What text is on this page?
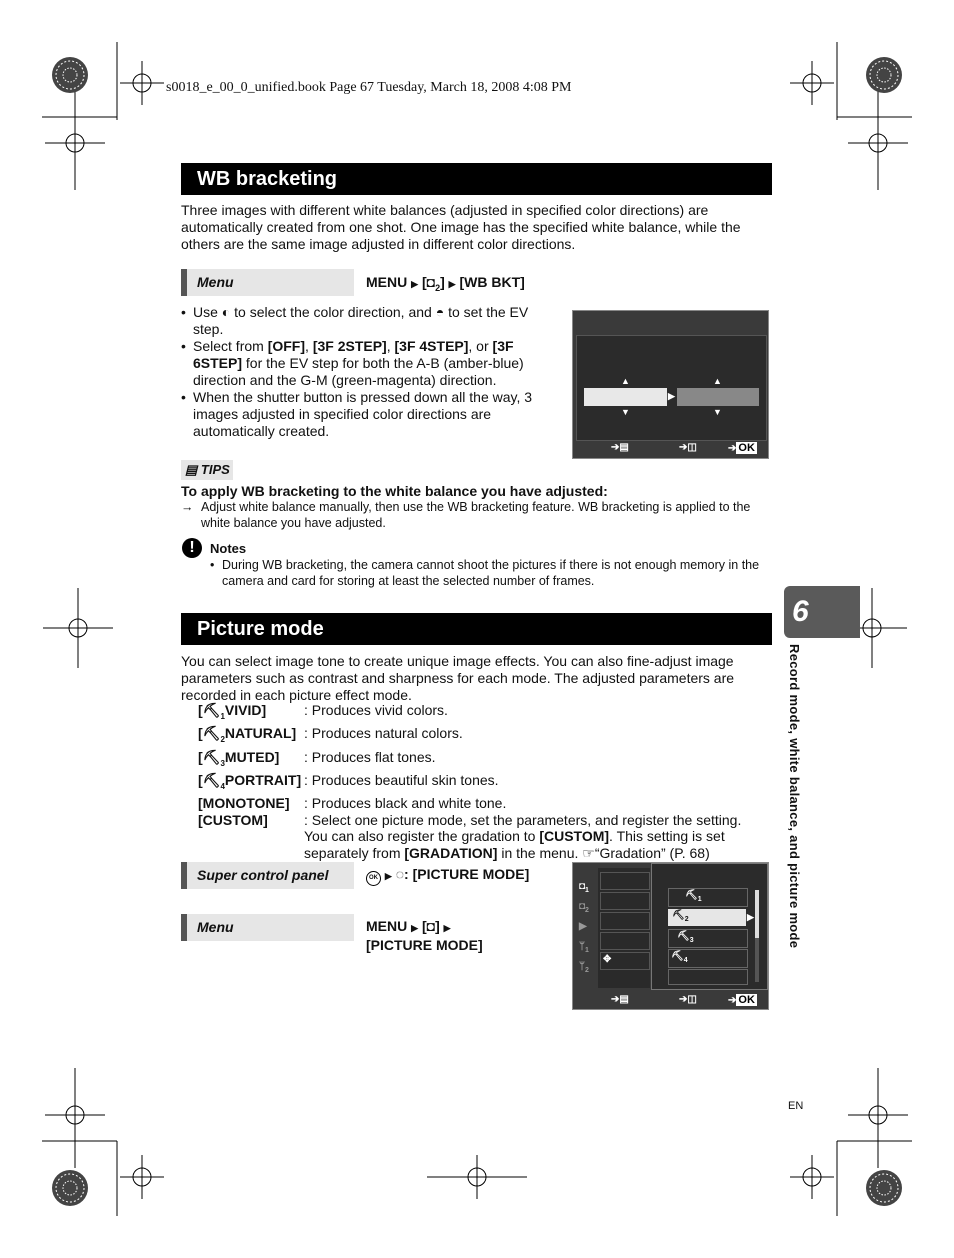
s0018_e_00_0_unified.book Page 67 Tuesday, March 18, 2008 4:08 PM
WB bracketing
Three images with different white balances (adjusted in specified color directions) are automatically created from one shot. One image has the specified white balance, while the others are the same image adjusted in different color directions.
Menu	MENU ▶ $[◘_2]$ ▶ [WB BKT]
• Use ◐ to select the color direction, and ◓ to set the EV step.
• Select from [OFF], [3F 2STEP], [3F 4STEP], or [3F 6STEP] for the EV step for both the A-B (amber-blue) direction and the G-M (green-magenta) direction.
• When the shutter button is pressed down all the way, 3 images adjusted in specified color directions are automatically created.
▲	▲
▶
▼	▼
➔▤	➔◫	➔ OK
▤ TIPS
To apply WB bracketing to the white balance you have adjusted:
→ Adjust white balance manually, then use the WB bracketing feature. WB bracketing is applied to the white balance you have adjusted.
!	Notes
• During WB bracketing, the camera cannot shoot the pictures if there is not enough memory in the camera and card for storing at least the selected number of frames.
Picture mode
You can select image tone to create unique image effects. You can also fine-adjust image parameters such as contrast and sharpness for each mode. The adjusted parameters are recorded in each picture effect mode.
$[⛏_1VIVID]$	: Produces vivid colors.
$[⛏_2NATURAL]$ : Produces natural colors.
$[⛏_3MUTED]$	: Produces flat tones.
$[⛏_4PORTRAIT]$ : Produces beautiful skin tones.
[MONOTONE]	: Produces black and white tone.
[CUSTOM]	: Select one picture mode, set the parameters, and register the setting. You can also register the gradation to [CUSTOM]. This setting is set separately from [GRADATION] in the menu. ☞“Gradation” (P. 68)
Super control panel	OK ▶ ◌: [PICTURE MODE]
Menu	MENU ▶ [◘] ▶
[PICTURE MODE]
$◘_1$
$◘_2$
▶
ᛘ$_1$
ᛘ$_2$
✥
$⛏_1$
$⛏_2$
$⛏_3$
$⛏_4$
▶
➔▤	➔◫	➔ OK
6
Record mode, white balance, and picture mode
EN
